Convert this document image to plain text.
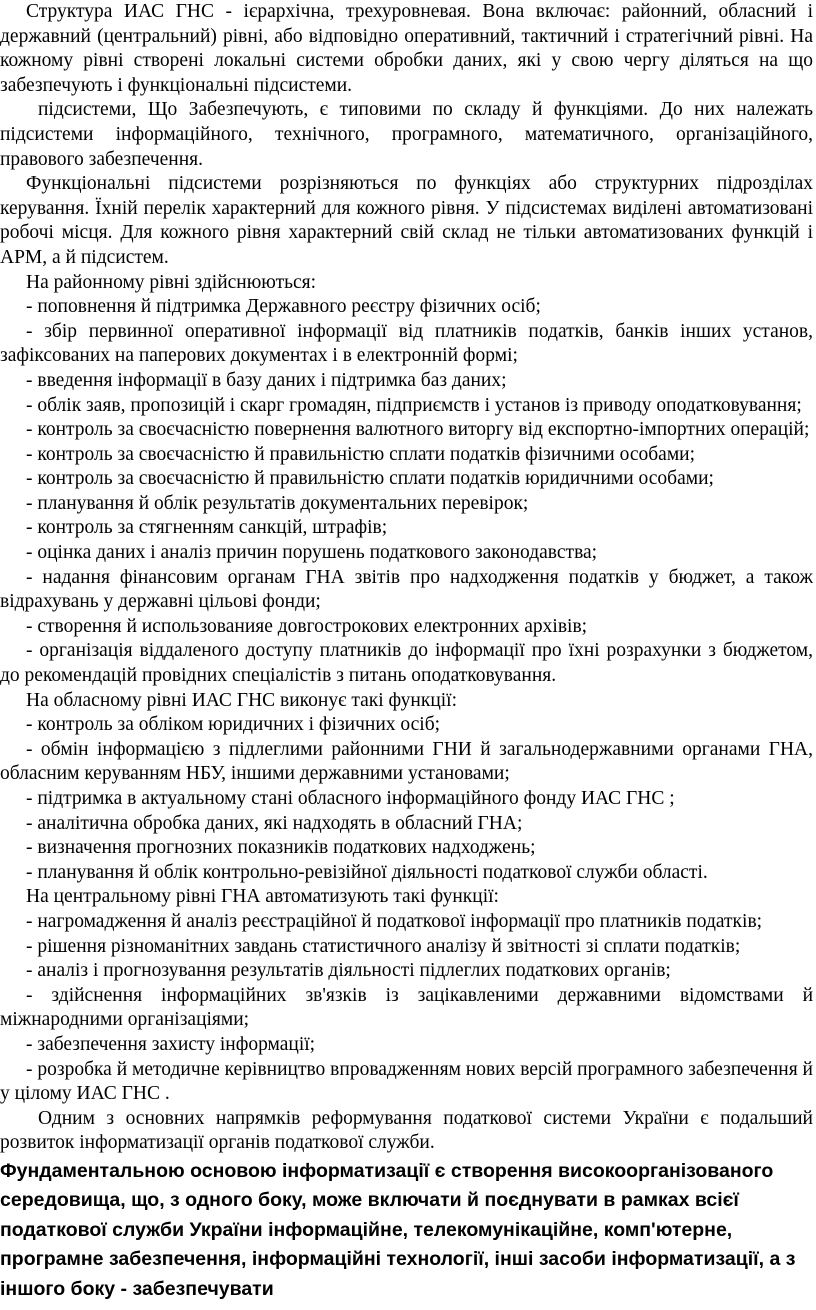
Структура ИАС ГНС - ієрархічна, трехуровневая. Вона включає: районний, обласний і державний (центральний) рівні, або відповідно оперативний, тактичний і стратегічний рівні. На кожному рівні створені локальні системи обробки даних, які у свою чергу діляться на що забезпечують і функціональні підсистеми.

підсистеми, Що Забезпечують, є типовими по складу й функціями. До них належать підсистеми інформаційного, технічного, програмного, математичного, організаційного, правового забезпечення.

Функціональні підсистеми розрізняються по функціях або структурних підрозділах керування. Їхній перелік характерний для кожного рівня. У підсистемах виділені автоматизовані робочі місця. Для кожного рівня характерний свій склад не тільки автоматизованих функцій і АРМ, а й підсистем.

На районному рівні здійснюються:

- поповнення й підтримка Державного реєстру фізичних осіб;

- збір первинної оперативної інформації від платників податків, банків інших установ, зафіксованих на паперових документах і в електронній формі;

- введення інформації в базу даних і підтримка баз даних;

- облік заяв, пропозицій і скарг громадян, підприємств і установ із приводу оподатковування;

- контроль за своєчасністю повернення валютного виторгу від експортно-імпортних операцій;

- контроль за своєчасністю й правильністю сплати податків фізичними особами;

- контроль за своєчасністю й правильністю сплати податків юридичними особами;

- планування й облік результатів документальних перевірок;

- контроль за стягненням санкцій, штрафів;

- оцінка даних і аналіз причин порушень податкового законодавства;

- надання фінансовим органам ГНА звітів про надходження податків у бюджет, а також відрахувань у державні цільові фонди;

- створення й использованияе довгострокових електронних архівів;

- організація віддаленого доступу платників до інформації про їхні розрахунки з бюджетом, до рекомендацій провідних спеціалістів з питань оподатковування.

На обласному рівні ИАС ГНС виконує такі функції:

- контроль за обліком юридичних і фізичних осіб;

- обмін інформацією з підлеглими районними ГНИ й загальнодержавними органами ГНА, обласним керуванням НБУ, іншими державними установами;

- підтримка в актуальному стані обласного інформаційного фонду ИАС ГНС ;

- аналітична обробка даних, які надходять в обласний ГНА;

- визначення прогнозних показників податкових надходжень;

- планування й облік контрольно-ревізійної діяльності податкової служби області.

На центральному рівні ГНА автоматизують такі функції:

- нагромадження й аналіз реєстраційної й податкової інформації про платників податків;

- рішення різноманітних завдань статистичного аналізу й звітності зі сплати податків;

- аналіз і прогнозування результатів діяльності підлеглих податкових органів;

- здійснення інформаційних зв'язків із зацікавленими державними відомствами й міжнародними організаціями;

- забезпечення захисту інформації;

- розробка й методичне керівництво впровадженням нових версій програмного забезпечення й у цілому ИАС ГНС .

Одним з основних напрямків реформування податкової системи України є подальший розвиток інформатизації органів податкової служби.

Фундаментальною основою інформатизації є створення високоорганізованого середовища, що, з одного боку, може включати й поєднувати в рамках всієї податкової служби України інформаційне, телекомунікаційне, комп'ютерне, програмне забезпечення, інформаційні технології, інші засоби інформатизації, а з іншого боку - забезпечувати
